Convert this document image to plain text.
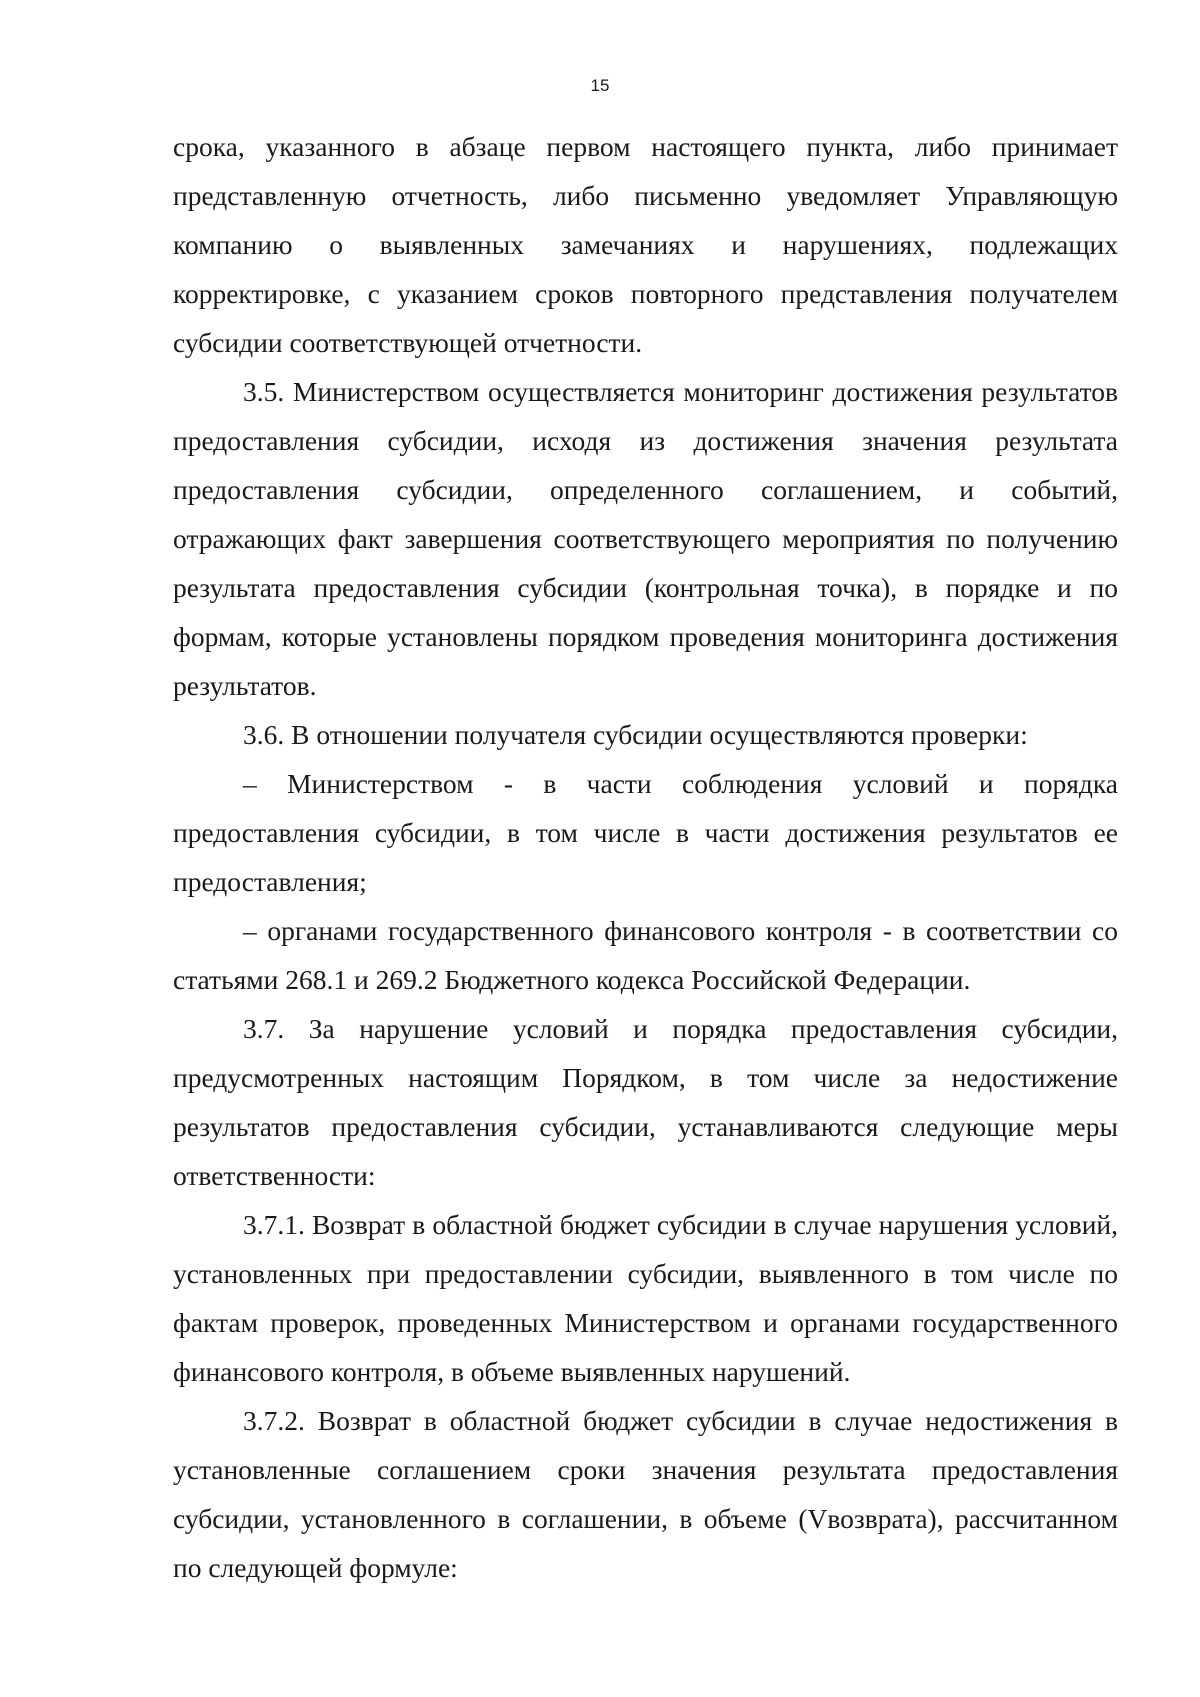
15

срока, указанного в абзаце первом настоящего пункта, либо принимает представленную отчетность, либо письменно уведомляет Управляющую компанию о выявленных замечаниях и нарушениях, подлежащих корректировке, с указанием сроков повторного представления получателем субсидии соответствующей отчетности.

3.5. Министерством осуществляется мониторинг достижения результатов предоставления субсидии, исходя из достижения значения результата предоставления субсидии, определенного соглашением, и событий, отражающих факт завершения соответствующего мероприятия по получению результата предоставления субсидии (контрольная точка), в порядке и по формам, которые установлены порядком проведения мониторинга достижения результатов.

3.6. В отношении получателя субсидии осуществляются проверки:

– Министерством - в части соблюдения условий и порядка предоставления субсидии, в том числе в части достижения результатов ее предоставления;

– органами государственного финансового контроля - в соответствии со статьями 268.1 и 269.2 Бюджетного кодекса Российской Федерации.

3.7. За нарушение условий и порядка предоставления субсидии, предусмотренных настоящим Порядком, в том числе за недостижение результатов предоставления субсидии, устанавливаются следующие меры ответственности:

3.7.1. Возврат в областной бюджет субсидии в случае нарушения условий, установленных при предоставлении субсидии, выявленного в том числе по фактам проверок, проведенных Министерством и органами государственного финансового контроля, в объеме выявленных нарушений.

3.7.2. Возврат в областной бюджет субсидии в случае недостижения в установленные соглашением сроки значения результата предоставления субсидии, установленного в соглашении, в объеме (Vвозврата), рассчитанном по следующей формуле:
